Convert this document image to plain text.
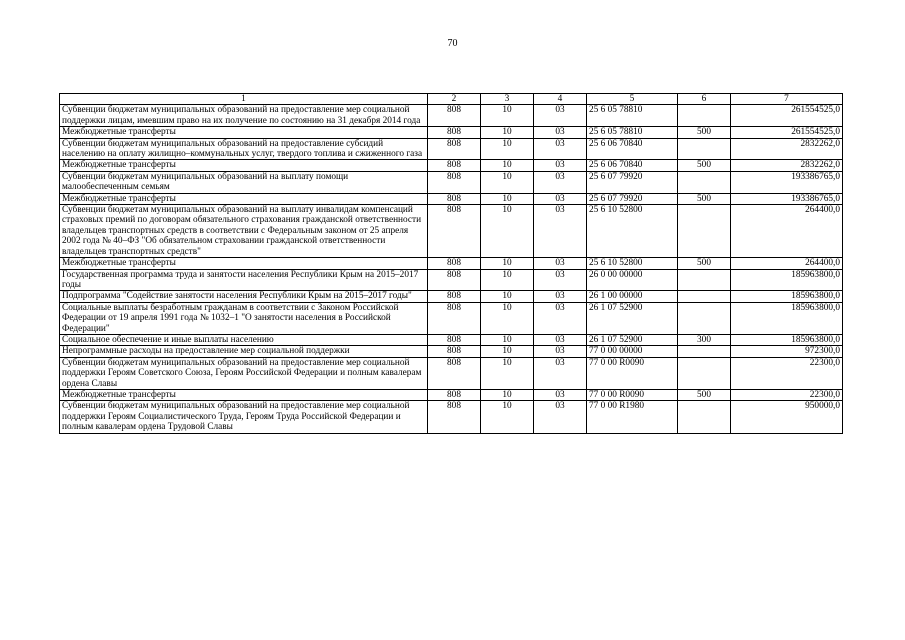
70
1	2	3	4	5	6	7
Субвенции бюджетам муниципальных образований на предоставление мер социальной поддержки лицам, имевшим право на их получение по состоянию на 31 декабря 2014 года	808	10	03	25 6 05 78810		261554525,0
Межбюджетные трансферты	808	10	03	25 6 05 78810	500	261554525,0
Субвенции бюджетам муниципальных образований на предоставление субсидий населению на оплату жилищно–коммунальных услуг, твердого топлива и сжиженного газа	808	10	03	25 6 06 70840		2832262,0
Межбюджетные трансферты	808	10	03	25 6 06 70840	500	2832262,0
Субвенции бюджетам муниципальных образований на выплату помощи малообеспеченным семьям	808	10	03	25 6 07 79920		193386765,0
Межбюджетные трансферты	808	10	03	25 6 07 79920	500	193386765,0
Субвенции бюджетам муниципальных образований на выплату инвалидам компенсаций страховых премий по договорам обязательного страхования гражданской ответственности владельцев транспортных средств в соответствии с Федеральным законом от 25 апреля 2002 года № 40–ФЗ "Об обязательном страховании гражданской ответственности владельцев транспортных средств"	808	10	03	25 6 10 52800		264400,0
Межбюджетные трансферты	808	10	03	25 6 10 52800	500	264400,0
Государственная программа труда и занятости населения Республики Крым на 2015–2017 годы	808	10	03	26 0 00 00000		185963800,0
Подпрограмма "Содействие занятости населения Республики Крым на 2015–2017 годы"	808	10	03	26 1 00 00000		185963800,0
Социальные выплаты безработным гражданам в соответствии с Законом Российской Федерации от 19 апреля 1991 года № 1032–1 "О занятости населения в Российской Федерации"	808	10	03	26 1 07 52900		185963800,0
Социальное обеспечение и иные выплаты населению	808	10	03	26 1 07 52900	300	185963800,0
Непрограммные расходы на предоставление мер социальной поддержки	808	10	03	77 0 00 00000		972300,0
Субвенции бюджетам муниципальных образований на предоставление мер социальной поддержки Героям Советского Союза, Героям Российской Федерации и полным кавалерам ордена Славы	808	10	03	77 0 00 R0090		22300,0
Межбюджетные трансферты	808	10	03	77 0 00 R0090	500	22300,0
Субвенции бюджетам муниципальных образований на предоставление мер социальной поддержки Героям Социалистического Труда, Героям Труда Российской Федерации и полным кавалерам ордена Трудовой Славы	808	10	03	77 0 00 R1980		950000,0
